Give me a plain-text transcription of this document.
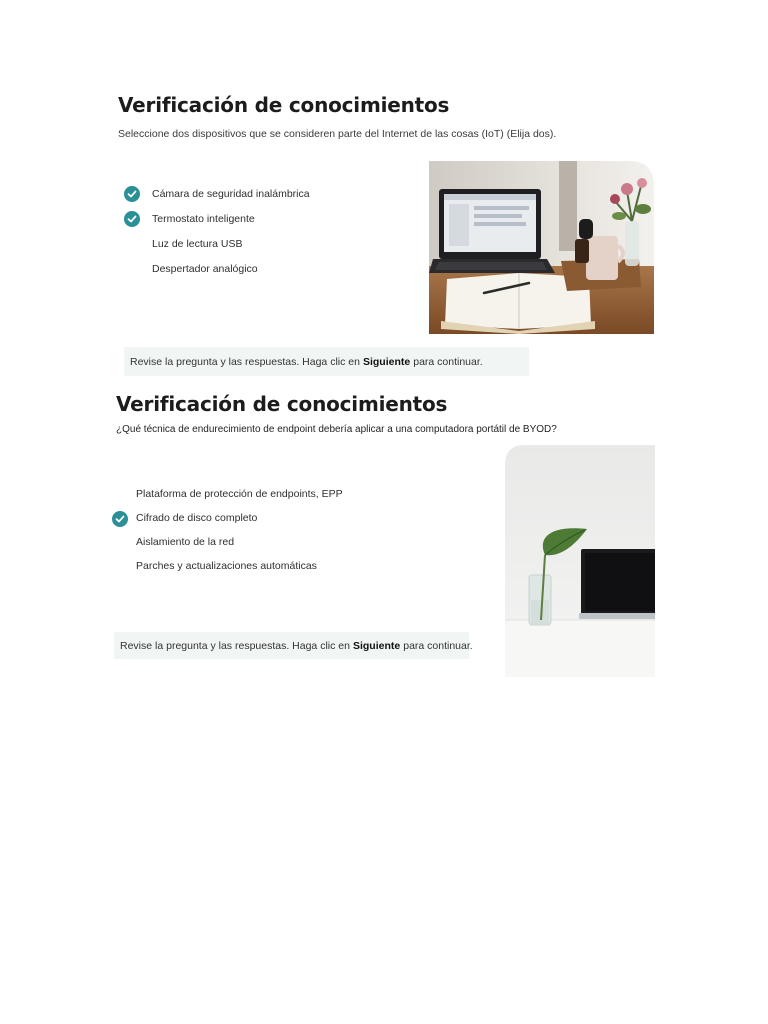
Verificación de conocimientos
Seleccione dos dispositivos que se consideren parte del Internet de las cosas (IoT) (Elija dos).
Cámara de seguridad inalámbrica
Termostato inteligente
Luz de lectura USB
Despertador analógico
Revise la pregunta y las respuestas. Haga clic en Siguiente para continuar.
Verificación de conocimientos
¿Qué técnica de endurecimiento de endpoint debería aplicar a una computadora portátil de BYOD?
Plataforma de protección de endpoints, EPP
Cifrado de disco completo
Aislamiento de la red
Parches y actualizaciones automáticas
Revise la pregunta y las respuestas. Haga clic en Siguiente para continuar.
